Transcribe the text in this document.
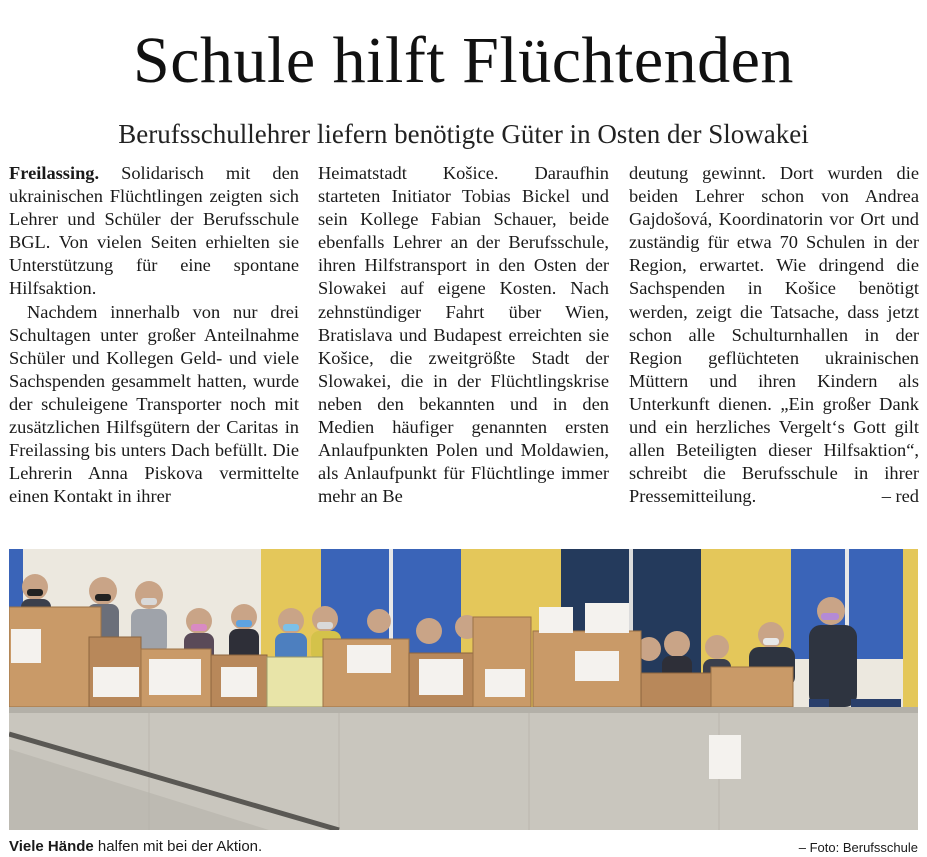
Schule hilft Flüchtenden
Berufsschullehrer liefern benötigte Güter in Osten der Slowakei

Freilassing. Solidarisch mit den ukrainischen Flüchtlingen zeigten sich Lehrer und Schüler der Berufsschule BGL. Von vielen Seiten erhielten sie Unterstützung für eine spontane Hilfsaktion.

Nachdem innerhalb von nur drei Schultagen unter großer Anteilnahme Schüler und Kollegen Geld- und viele Sachspenden gesammelt hatten, wurde der schuleigene Transporter noch mit zusätzlichen Hilfsgütern der Caritas in Freilassing bis unters Dach befüllt. Die Lehrerin Anna Piskova vermittelte einen Kontakt in ihrer

Heimatstadt Košice. Daraufhin starteten Initiator Tobias Bickel und sein Kollege Fabian Schauer, beide ebenfalls Lehrer an der Berufsschule, ihren Hilfstransport in den Osten der Slowakei auf eigene Kosten. Nach zehnstündiger Fahrt über Wien, Bratislava und Budapest erreichten sie Košice, die zweitgrößte Stadt der Slowakei, die in der Flüchtlingskrise neben den bekannten und in den Medien häufiger genannten ersten Anlaufpunkten Polen und Moldawien, als Anlaufpunkt für Flüchtlinge immer mehr an Be

deutung gewinnt. Dort wurden die beiden Lehrer schon von Andrea Gajdošová, Koordinatorin vor Ort und zuständig für etwa 70 Schulen in der Region, erwartet. Wie dringend die Sachspenden in Košice benötigt werden, zeigt die Tatsache, dass jetzt schon alle Schulturnhallen in der Region geflüchteten ukrainischen Müttern und ihren Kindern als Unterkunft dienen. „Ein großer Dank und ein herzliches Vergelt‘s Gott gilt allen Beteiligten dieser Hilfsaktion“, schreibt die Berufsschule in ihrer Pressemitteilung.	– red

Viele Hände halfen mit bei der Aktion.	– Foto: Berufsschule
